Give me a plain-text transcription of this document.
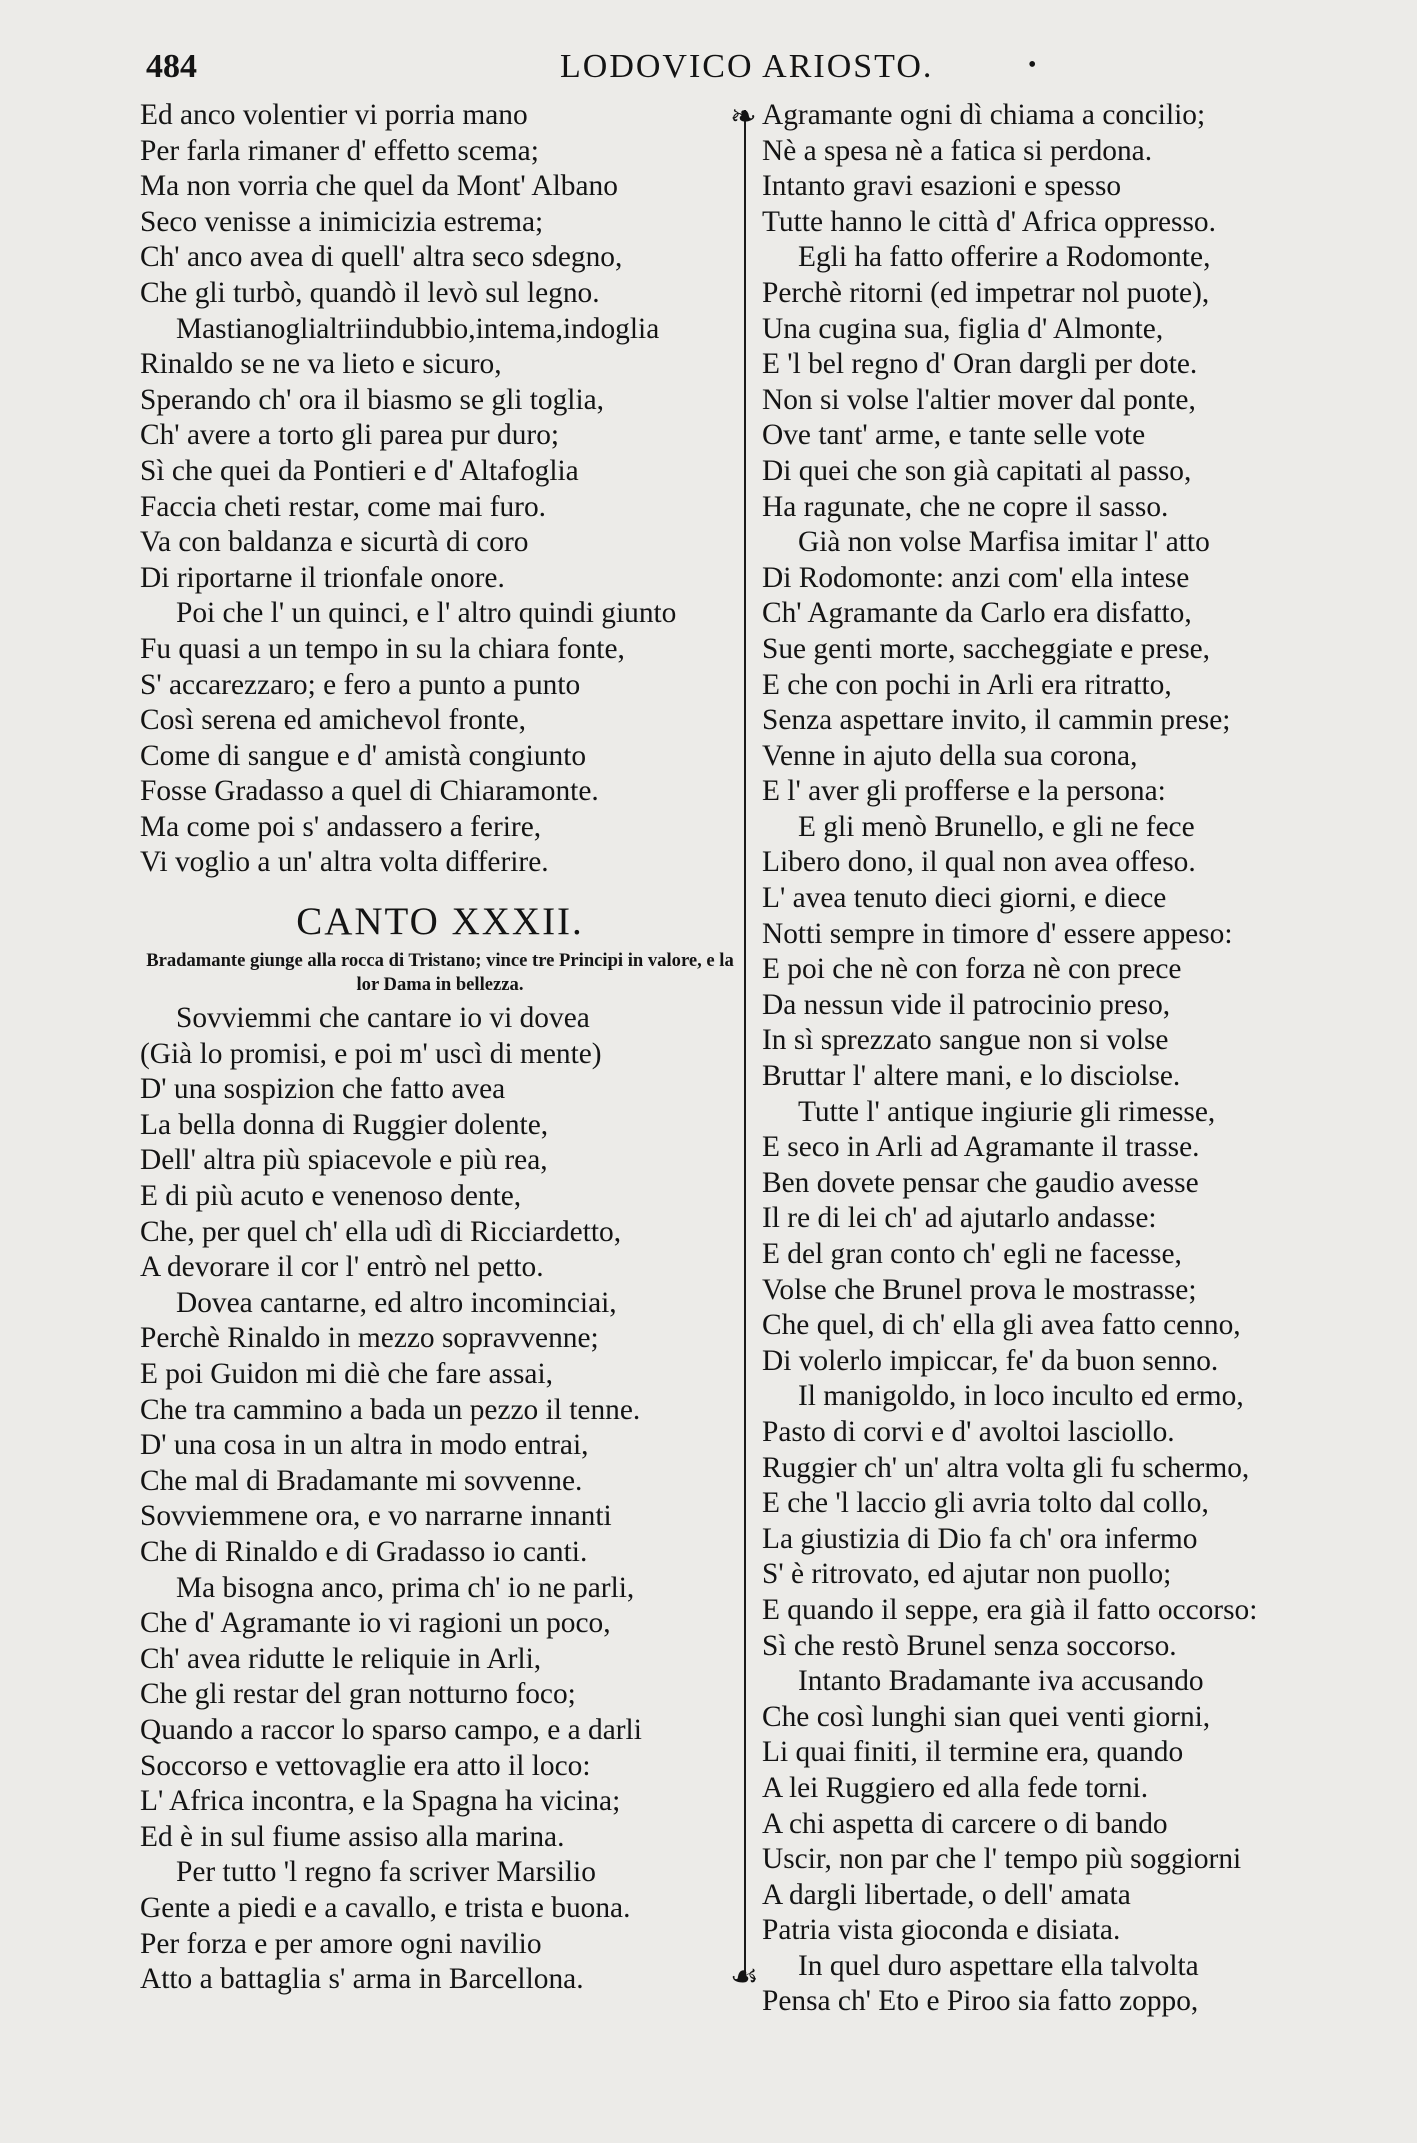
484	LODOVICO ARIOSTO.	•
Ed anco volentier vi porria mano
Per farla rimaner d' effetto scema;
Ma non vorria che quel da Mont' Albano
Seco venisse a inimicizia estrema;
Ch' anco avea di quell' altra seco sdegno,
Che gli turbò, quandò il levò sul legno.
Mastianoglialtriindubbio,intema,indoglia
Rinaldo se ne va lieto e sicuro,
Sperando ch' ora il biasmo se gli toglia,
Ch' avere a torto gli parea pur duro;
Sì che quei da Pontieri e d' Altafoglia
Faccia cheti restar, come mai furo.
Va con baldanza e sicurtà di coro
Di riportarne il trionfale onore.
Poi che l' un quinci, e l' altro quindi giunto
Fu quasi a un tempo in su la chiara fonte,
S' accarezzaro; e fero a punto a punto
Così serena ed amichevol fronte,
Come di sangue e d' amistà congiunto
Fosse Gradasso a quel di Chiaramonte.
Ma come poi s' andassero a ferire,
Vi voglio a un' altra volta differire.
CANTO XXXII.
Bradamante giunge alla rocca di Tristano; vince tre Principi in valore, e la lor Dama in bellezza.
Sovviemmi che cantare io vi dovea
(Già lo promisi, e poi m' uscì di mente)
D' una sospizion che fatto avea
La bella donna di Ruggier dolente,
Dell' altra più spiacevole e più rea,
E di più acuto e venenoso dente,
Che, per quel ch' ella udì di Ricciardetto,
A devorare il cor l' entrò nel petto.
Dovea cantarne, ed altro incominciai,
Perchè Rinaldo in mezzo sopravvenne;
E poi Guidon mi diè che fare assai,
Che tra cammino a bada un pezzo il tenne.
D' una cosa in un altra in modo entrai,
Che mal di Bradamante mi sovvenne.
Sovviemmene ora, e vo narrarne innanti
Che di Rinaldo e di Gradasso io canti.
Ma bisogna anco, prima ch' io ne parli,
Che d' Agramante io vi ragioni un poco,
Ch' avea ridutte le reliquie in Arli,
Che gli restar del gran notturno foco;
Quando a raccor lo sparso campo, e a darli
Soccorso e vettovaglie era atto il loco:
L' Africa incontra, e la Spagna ha vicina;
Ed è in sul fiume assiso alla marina.
Per tutto 'l regno fa scriver Marsilio
Gente a piedi e a cavallo, e trista e buona.
Per forza e per amore ogni navilio
Atto a battaglia s' arma in Barcellona.
❧
☙
Agramante ogni dì chiama a concilio;
Nè a spesa nè a fatica si perdona.
Intanto gravi esazioni e spesso
Tutte hanno le città d' Africa oppresso.
Egli ha fatto offerire a Rodomonte,
Perchè ritorni (ed impetrar nol puote),
Una cugina sua, figlia d' Almonte,
E 'l bel regno d' Oran dargli per dote.
Non si volse l'altier mover dal ponte,
Ove tant' arme, e tante selle vote
Di quei che son già capitati al passo,
Ha ragunate, che ne copre il sasso.
Già non volse Marfisa imitar l' atto
Di Rodomonte: anzi com' ella intese
Ch' Agramante da Carlo era disfatto,
Sue genti morte, saccheggiate e prese,
E che con pochi in Arli era ritratto,
Senza aspettare invito, il cammin prese;
Venne in ajuto della sua corona,
E l' aver gli profferse e la persona:
E gli menò Brunello, e gli ne fece
Libero dono, il qual non avea offeso.
L' avea tenuto dieci giorni, e diece
Notti sempre in timore d' essere appeso:
E poi che nè con forza nè con prece
Da nessun vide il patrocinio preso,
In sì sprezzato sangue non si volse
Bruttar l' altere mani, e lo disciolse.
Tutte l' antique ingiurie gli rimesse,
E seco in Arli ad Agramante il trasse.
Ben dovete pensar che gaudio avesse
Il re di lei ch' ad ajutarlo andasse:
E del gran conto ch' egli ne facesse,
Volse che Brunel prova le mostrasse;
Che quel, di ch' ella gli avea fatto cenno,
Di volerlo impiccar, fe' da buon senno.
Il manigoldo, in loco inculto ed ermo,
Pasto di corvi e d' avoltoi lasciollo.
Ruggier ch' un' altra volta gli fu schermo,
E che 'l laccio gli avria tolto dal collo,
La giustizia di Dio fa ch' ora infermo
S' è ritrovato, ed ajutar non puollo;
E quando il seppe, era già il fatto occorso:
Sì che restò Brunel senza soccorso.
Intanto Bradamante iva accusando
Che così lunghi sian quei venti giorni,
Li quai finiti, il termine era, quando
A lei Ruggiero ed alla fede torni.
A chi aspetta di carcere o di bando
Uscir, non par che l' tempo più soggiorni
A dargli libertade, o dell' amata
Patria vista gioconda e disiata.
In quel duro aspettare ella talvolta
Pensa ch' Eto e Piroo sia fatto zoppo,
